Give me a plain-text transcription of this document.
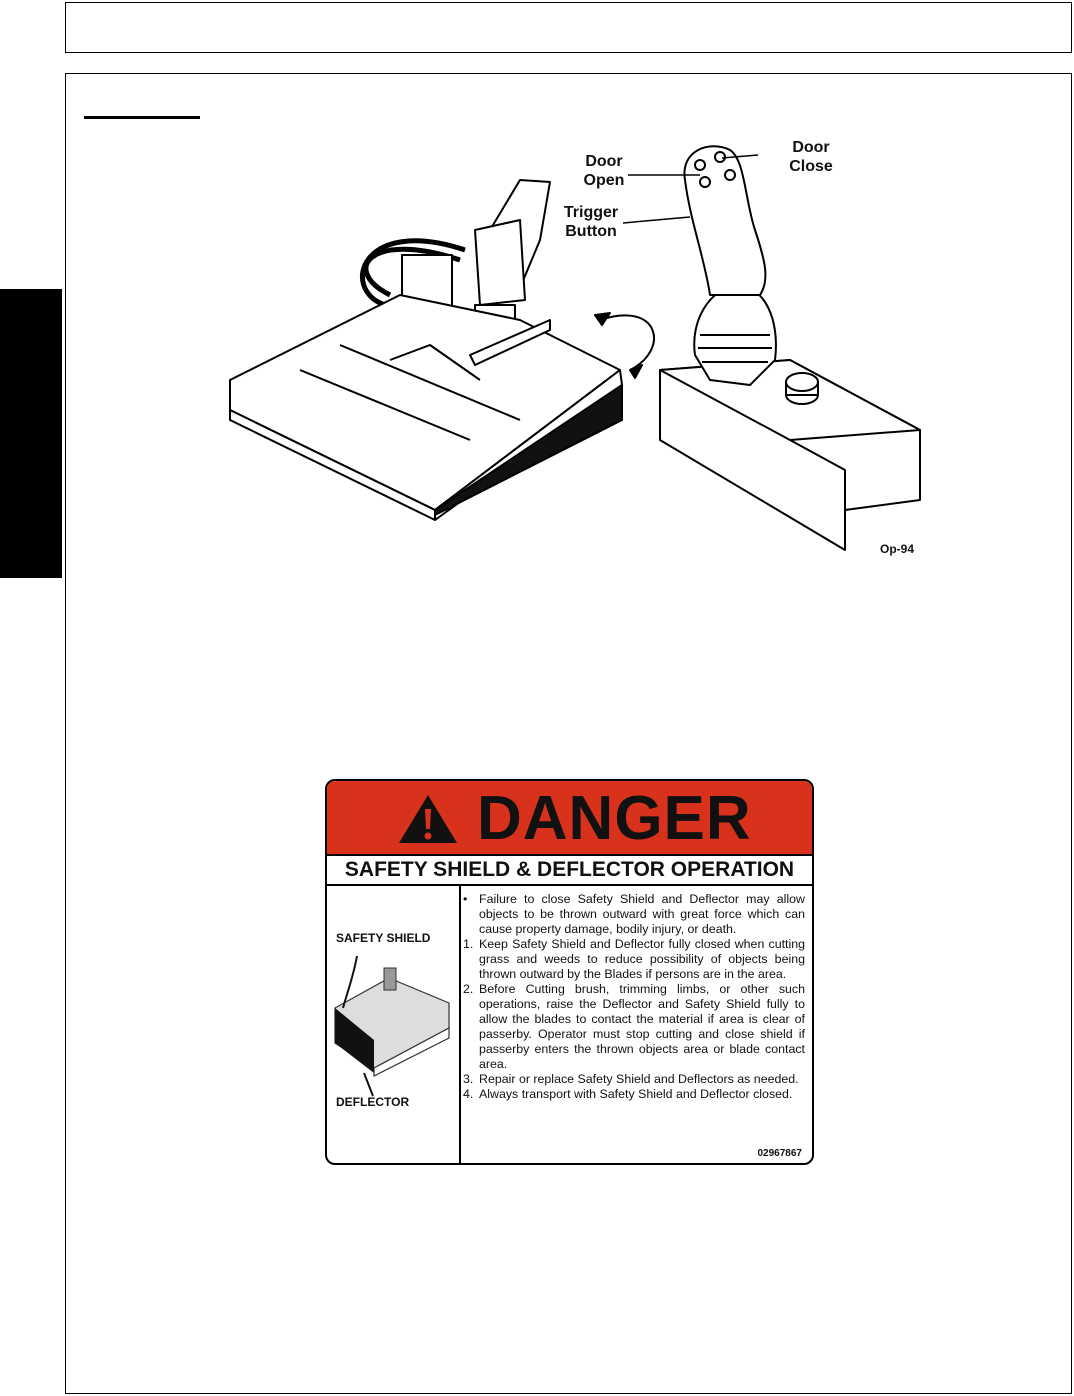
Door
Open
Door
Close
Trigger
Button
Op-94
DANGER
SAFETY SHIELD & DEFLECTOR OPERATION
SAFETY SHIELD
DEFLECTOR
• Failure to close Safety Shield and Deflector may allow objects to be thrown outward with great force which can cause property damage, bodily injury, or death.
1. Keep Safety Shield and Deflector fully closed when cutting grass and weeds to reduce possibility of objects being thrown outward by the Blades if persons are in the area.
2. Before Cutting brush, trimming limbs, or other such operations, raise the Deflector and Safety Shield fully to allow the blades to contact the material if area is clear of passerby. Operator must stop cutting and close shield if passerby enters the thrown objects area or blade contact area.
3. Repair or replace Safety Shield and Deflectors as needed.
4. Always transport with Safety Shield and Deflector closed.
02967867
